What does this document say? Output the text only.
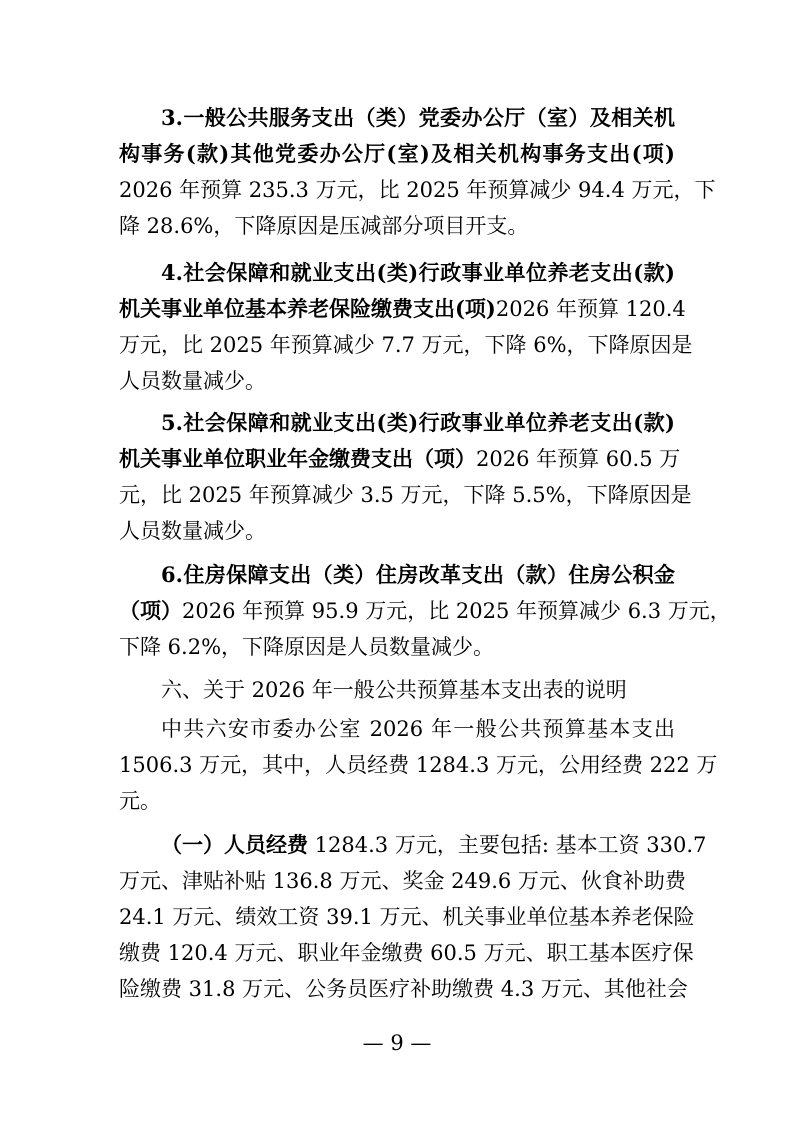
3.一般公共服务支出（类）党委办公厅（室）及相关机
构事务(款)其他党委办公厅(室)及相关机构事务支出(项)
2026 年预算 235.3 万元，比 2025 年预算减少 94.4 万元，下
降 28.6%，下降原因是压减部分项目开支。
4.社会保障和就业支出(类)行政事业单位养老支出(款)
机关事业单位基本养老保险缴费支出(项)2026 年预算 120.4
万元，比 2025 年预算减少 7.7 万元，下降 6%，下降原因是
人员数量减少。
5.社会保障和就业支出(类)行政事业单位养老支出(款)
机关事业单位职业年金缴费支出（项）2026 年预算 60.5 万
元，比 2025 年预算减少 3.5 万元，下降 5.5%，下降原因是
人员数量减少。
6.住房保障支出（类）住房改革支出（款）住房公积金
（项）2026 年预算 95.9 万元，比 2025 年预算减少 6.3 万元，
下降 6.2%，下降原因是人员数量减少。
六、关于 2026 年一般公共预算基本支出表的说明
中共六安市委办公室 2026 年一般公共预算基本支出
1506.3 万元，其中，人员经费 1284.3 万元，公用经费 222 万
元。
（一）人员经费 1284.3 万元，主要包括: 基本工资 330.7
万元、津贴补贴 136.8 万元、奖金 249.6 万元、伙食补助费
24.1 万元、绩效工资 39.1 万元、机关事业单位基本养老保险
缴费 120.4 万元、职业年金缴费 60.5 万元、职工基本医疗保
险缴费 31.8 万元、公务员医疗补助缴费 4.3 万元、其他社会
— 9 —
